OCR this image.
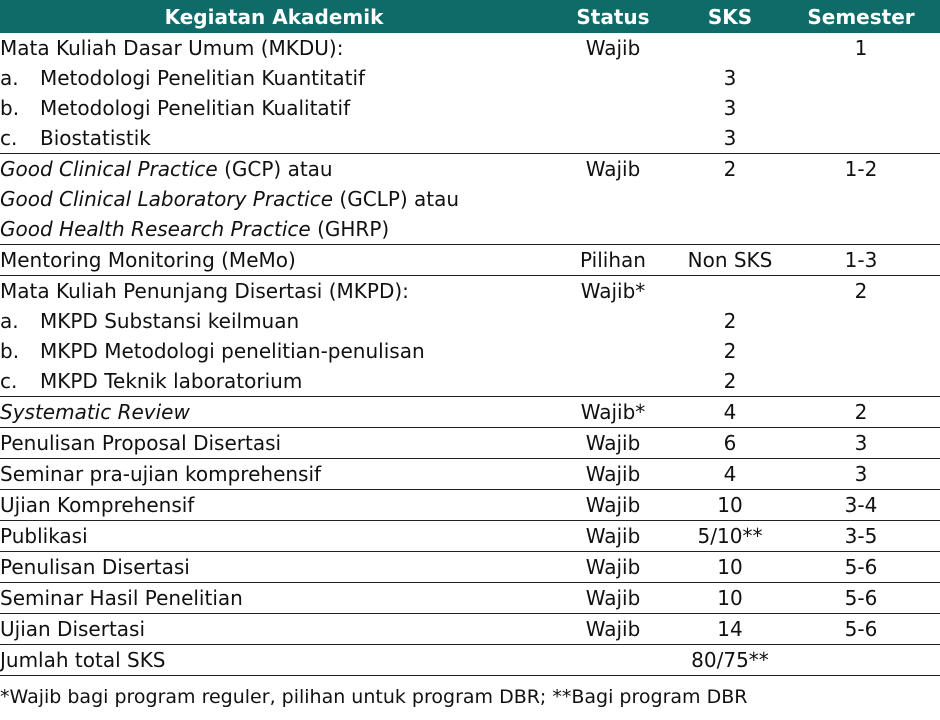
Kegiatan Akademik	Status	SKS	Semester
Mata Kuliah Dasar Umum (MKDU):	Wajib		1
a. Metodologi Penelitian Kuantitatif		3	
b. Metodologi Penelitian Kualitatif		3	
c. Biostatistik		3	
Good Clinical Practice (GCP) atau	Wajib	2	1-2
Good Clinical Laboratory Practice (GCLP) atau			
Good Health Research Practice (GHRP)			
Mentoring Monitoring (MeMo)	Pilihan	Non SKS	1-3
Mata Kuliah Penunjang Disertasi (MKPD):	Wajib*		2
a. MKPD Substansi keilmuan		2	
b. MKPD Metodologi penelitian-penulisan		2	
c. MKPD Teknik laboratorium		2	
Systematic Review	Wajib*	4	2
Penulisan Proposal Disertasi	Wajib	6	3
Seminar pra-ujian komprehensif	Wajib	4	3
Ujian Komprehensif	Wajib	10	3-4
Publikasi	Wajib	5/10**	3-5
Penulisan Disertasi	Wajib	10	5-6
Seminar Hasil Penelitian	Wajib	10	5-6
Ujian Disertasi	Wajib	14	5-6
Jumlah total SKS		80/75**	
*Wajib bagi program reguler, pilihan untuk program DBR; **Bagi program DBR
